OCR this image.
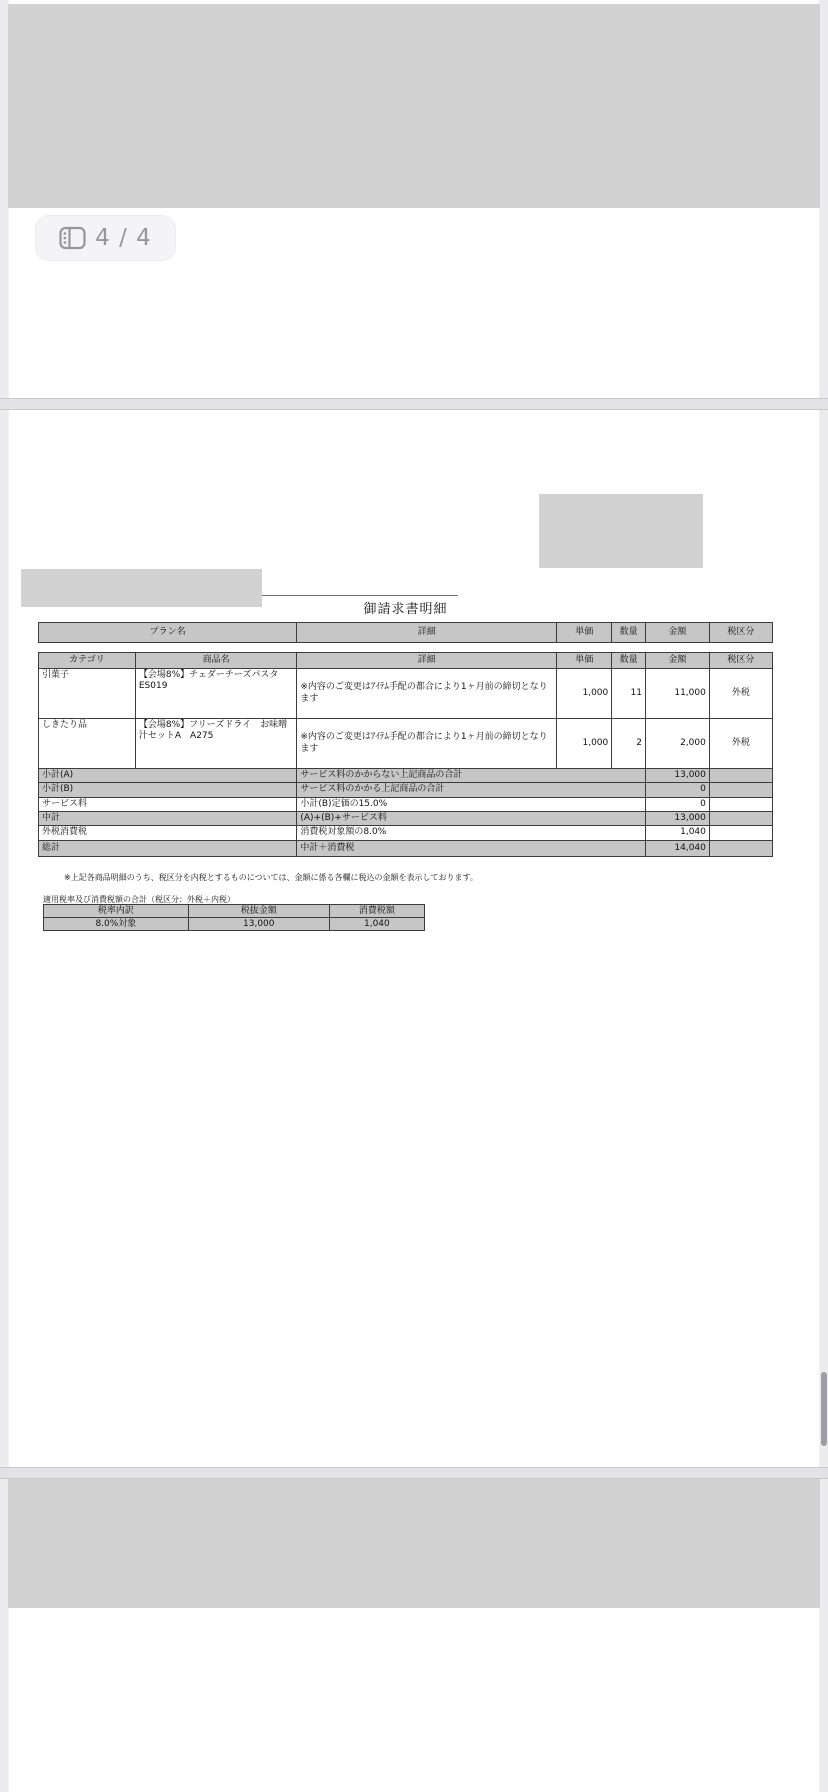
4 / 4
御請求書明細
プラン名	詳細	単価	数量	金額	税区分
カテゴリ	商品名	詳細	単価	数量	金額	税区分
引菓子	【会場8%】チェダーチーズパスタ ES019	※内容のご変更はｱｲﾃﾑ手配の都合により1ヶ月前の締切となります	1,000	11	11,000	外税
しきたり品	【会場8%】フリーズドライ　お味噌汁セットA　A275	※内容のご変更はｱｲﾃﾑ手配の都合により1ヶ月前の締切となります	1,000	2	2,000	外税
小計(A)	サービス料のかからない上記商品の合計	13,000	
小計(B)	サービス料のかかる上記商品の合計	0	
サービス料	小計(B)定価の15.0%	0	
中計	(A)+(B)+サービス料	13,000	
外税消費税	消費税対象額の8.0%	1,040	
総計	中計＋消費税	14,040	
※上記各商品明細のうち、税区分を内税とするものについては、金額に係る各欄に税込の金額を表示しております。
適用税率及び消費税額の合計（税区分：外税＋内税）
税率内訳	税抜金額	消費税額
8.0%対象	13,000	1,040
